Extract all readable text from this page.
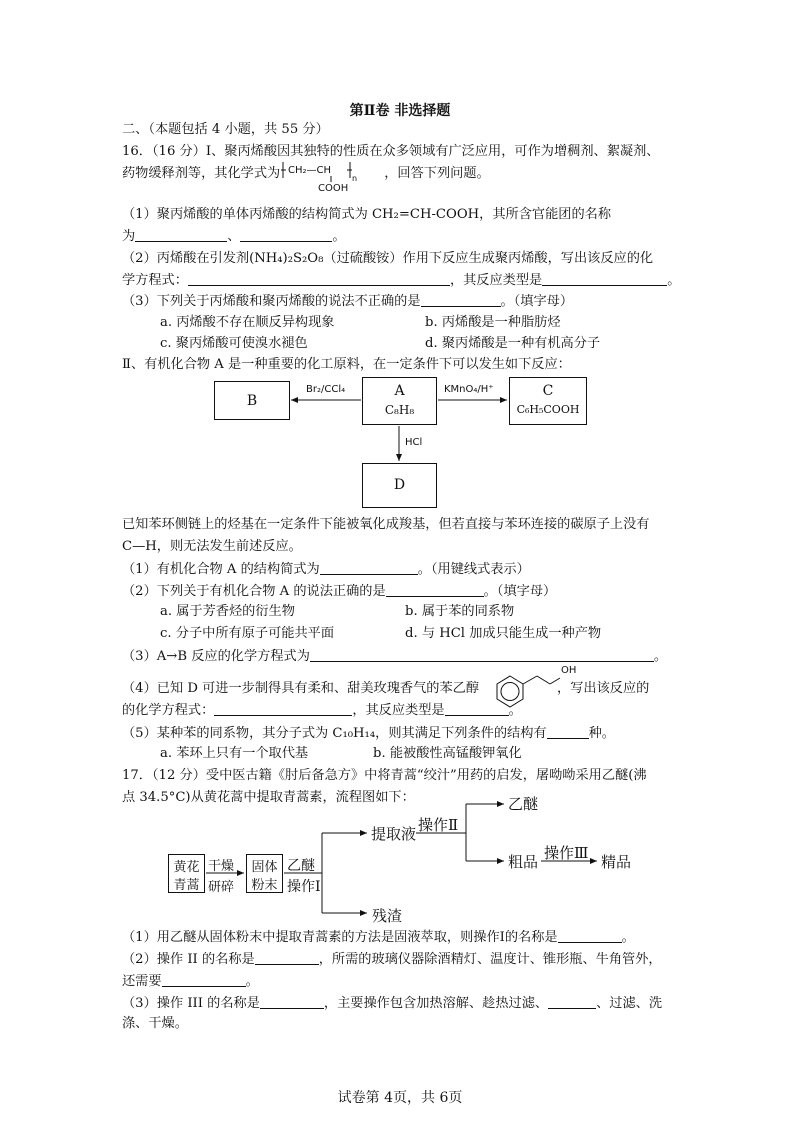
第Ⅱ卷 非选择题
二、（本题包括 4 小题，共 55 分）
16．（16 分）Ⅰ、聚丙烯酸因其独特的性质在众多领域有广泛应用，可作为增稠剂、絮凝剂、
药物缓释剂等，其化学式为	，回答下列问题。
CH₂—CH
COOH
n
（1）聚丙烯酸的单体丙烯酸的结构简式为 CH₂=CH-COOH，其所含官能团的名称
为	、	。
（2）丙烯酸在引发剂(NH₄)₂S₂O₈（过硫酸铵）作用下反应生成聚丙烯酸，写出该反应的化
学方程式：	，其反应类型是	。
（3）下列关于丙烯酸和聚丙烯酸的说法不正确的是	。（填字母）
a. 丙烯酸不存在顺反异构现象	b. 丙烯酸是一种脂肪烃
c. 聚丙烯酸可使溴水褪色	d. 聚丙烯酸是一种有机高分子
Ⅱ、有机化合物 A 是一种重要的化工原料，在一定条件下可以发生如下反应：
B
A
C₈H₈
C
C₆H₅COOH
D
Br₂/CCl₄	KMnO₄/H⁺
HCl
已知苯环侧链上的烃基在一定条件下能被氧化成羧基，但若直接与苯环连接的碳原子上没有
C—H，则无法发生前述反应。
（1）有机化合物 A 的结构简式为	。（用键线式表示）
（2）下列关于有机化合物 A 的说法正确的是	。（填字母）
a. 属于芳香烃的衍生物	b. 属于苯的同系物
c. 分子中所有原子可能共平面	d. 与 HCl 加成只能生成一种产物
（3）A→B 反应的化学方程式为	。
（4）已知 D 可进一步制得具有柔和、甜美玫瑰香气的苯乙醇	，写出该反应的
OH
的化学方程式：	，其反应类型是	。
（5）某种苯的同系物，其分子式为 C₁₀H₁₄，则其满足下列条件的结构有	种。
a. 苯环上只有一个取代基	b. 能被酸性高锰酸钾氧化
17．（12 分）受中医古籍《肘后备急方》中将青蒿“绞汁”用药的启发，屠呦呦采用乙醚(沸
点 34.5°C)从黄花蒿中提取青蒿素，流程图如下：
黄花
青蒿
干燥
研碎
固体
粉末
乙醚
操作Ⅰ
提取液 操作Ⅱ
乙醚
粗品 操作Ⅲ 精品
残渣
（1）用乙醚从固体粉末中提取青蒿素的方法是固液萃取，则操作Ⅰ的名称是	。
（2）操作 II 的名称是	，所需的玻璃仪器除酒精灯、温度计、锥形瓶、牛角管外，
还需要	。
（3）操作 III 的名称是	，主要操作包含加热溶解、趁热过滤、	、过滤、洗
涤、干燥。
试卷第 4页，共 6页
